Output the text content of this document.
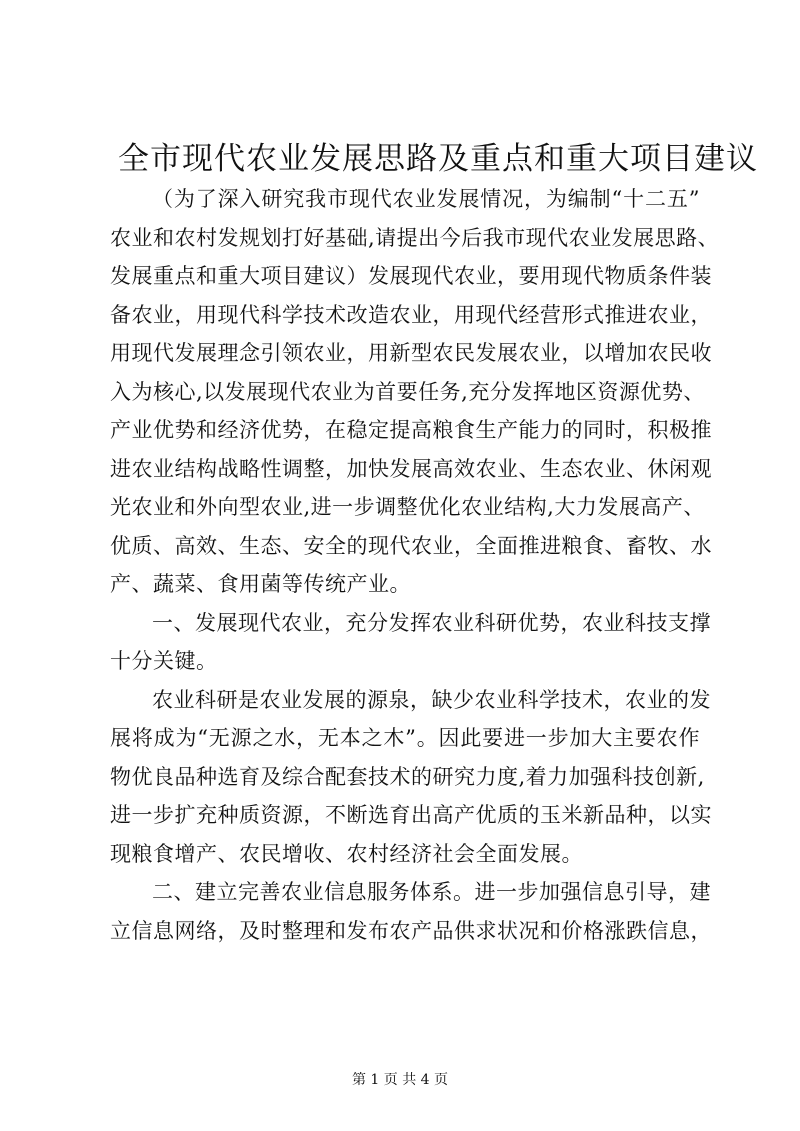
全市现代农业发展思路及重点和重大项目建议
（为了深入研究我市现代农业发展情况，为编制“十二五”
农业和农村发规划打好基础,请提出今后我市现代农业发展思路、
发展重点和重大项目建议）发展现代农业，要用现代物质条件装
备农业，用现代科学技术改造农业，用现代经营形式推进农业，
用现代发展理念引领农业，用新型农民发展农业，以增加农民收
入为核心,以发展现代农业为首要任务,充分发挥地区资源优势、
产业优势和经济优势，在稳定提高粮食生产能力的同时，积极推
进农业结构战略性调整，加快发展高效农业、生态农业、休闲观
光农业和外向型农业,进一步调整优化农业结构,大力发展高产、
优质、高效、生态、安全的现代农业，全面推进粮食、畜牧、水
产、蔬菜、食用菌等传统产业。
一、发展现代农业，充分发挥农业科研优势，农业科技支撑
十分关键。
农业科研是农业发展的源泉，缺少农业科学技术，农业的发
展将成为“无源之水，无本之木”。因此要进一步加大主要农作
物优良品种选育及综合配套技术的研究力度,着力加强科技创新,
进一步扩充种质资源，不断选育出高产优质的玉米新品种，以实
现粮食增产、农民增收、农村经济社会全面发展。
二、建立完善农业信息服务体系。进一步加强信息引导，建
立信息网络，及时整理和发布农产品供求状况和价格涨跌信息，
第 1 页 共 4 页
